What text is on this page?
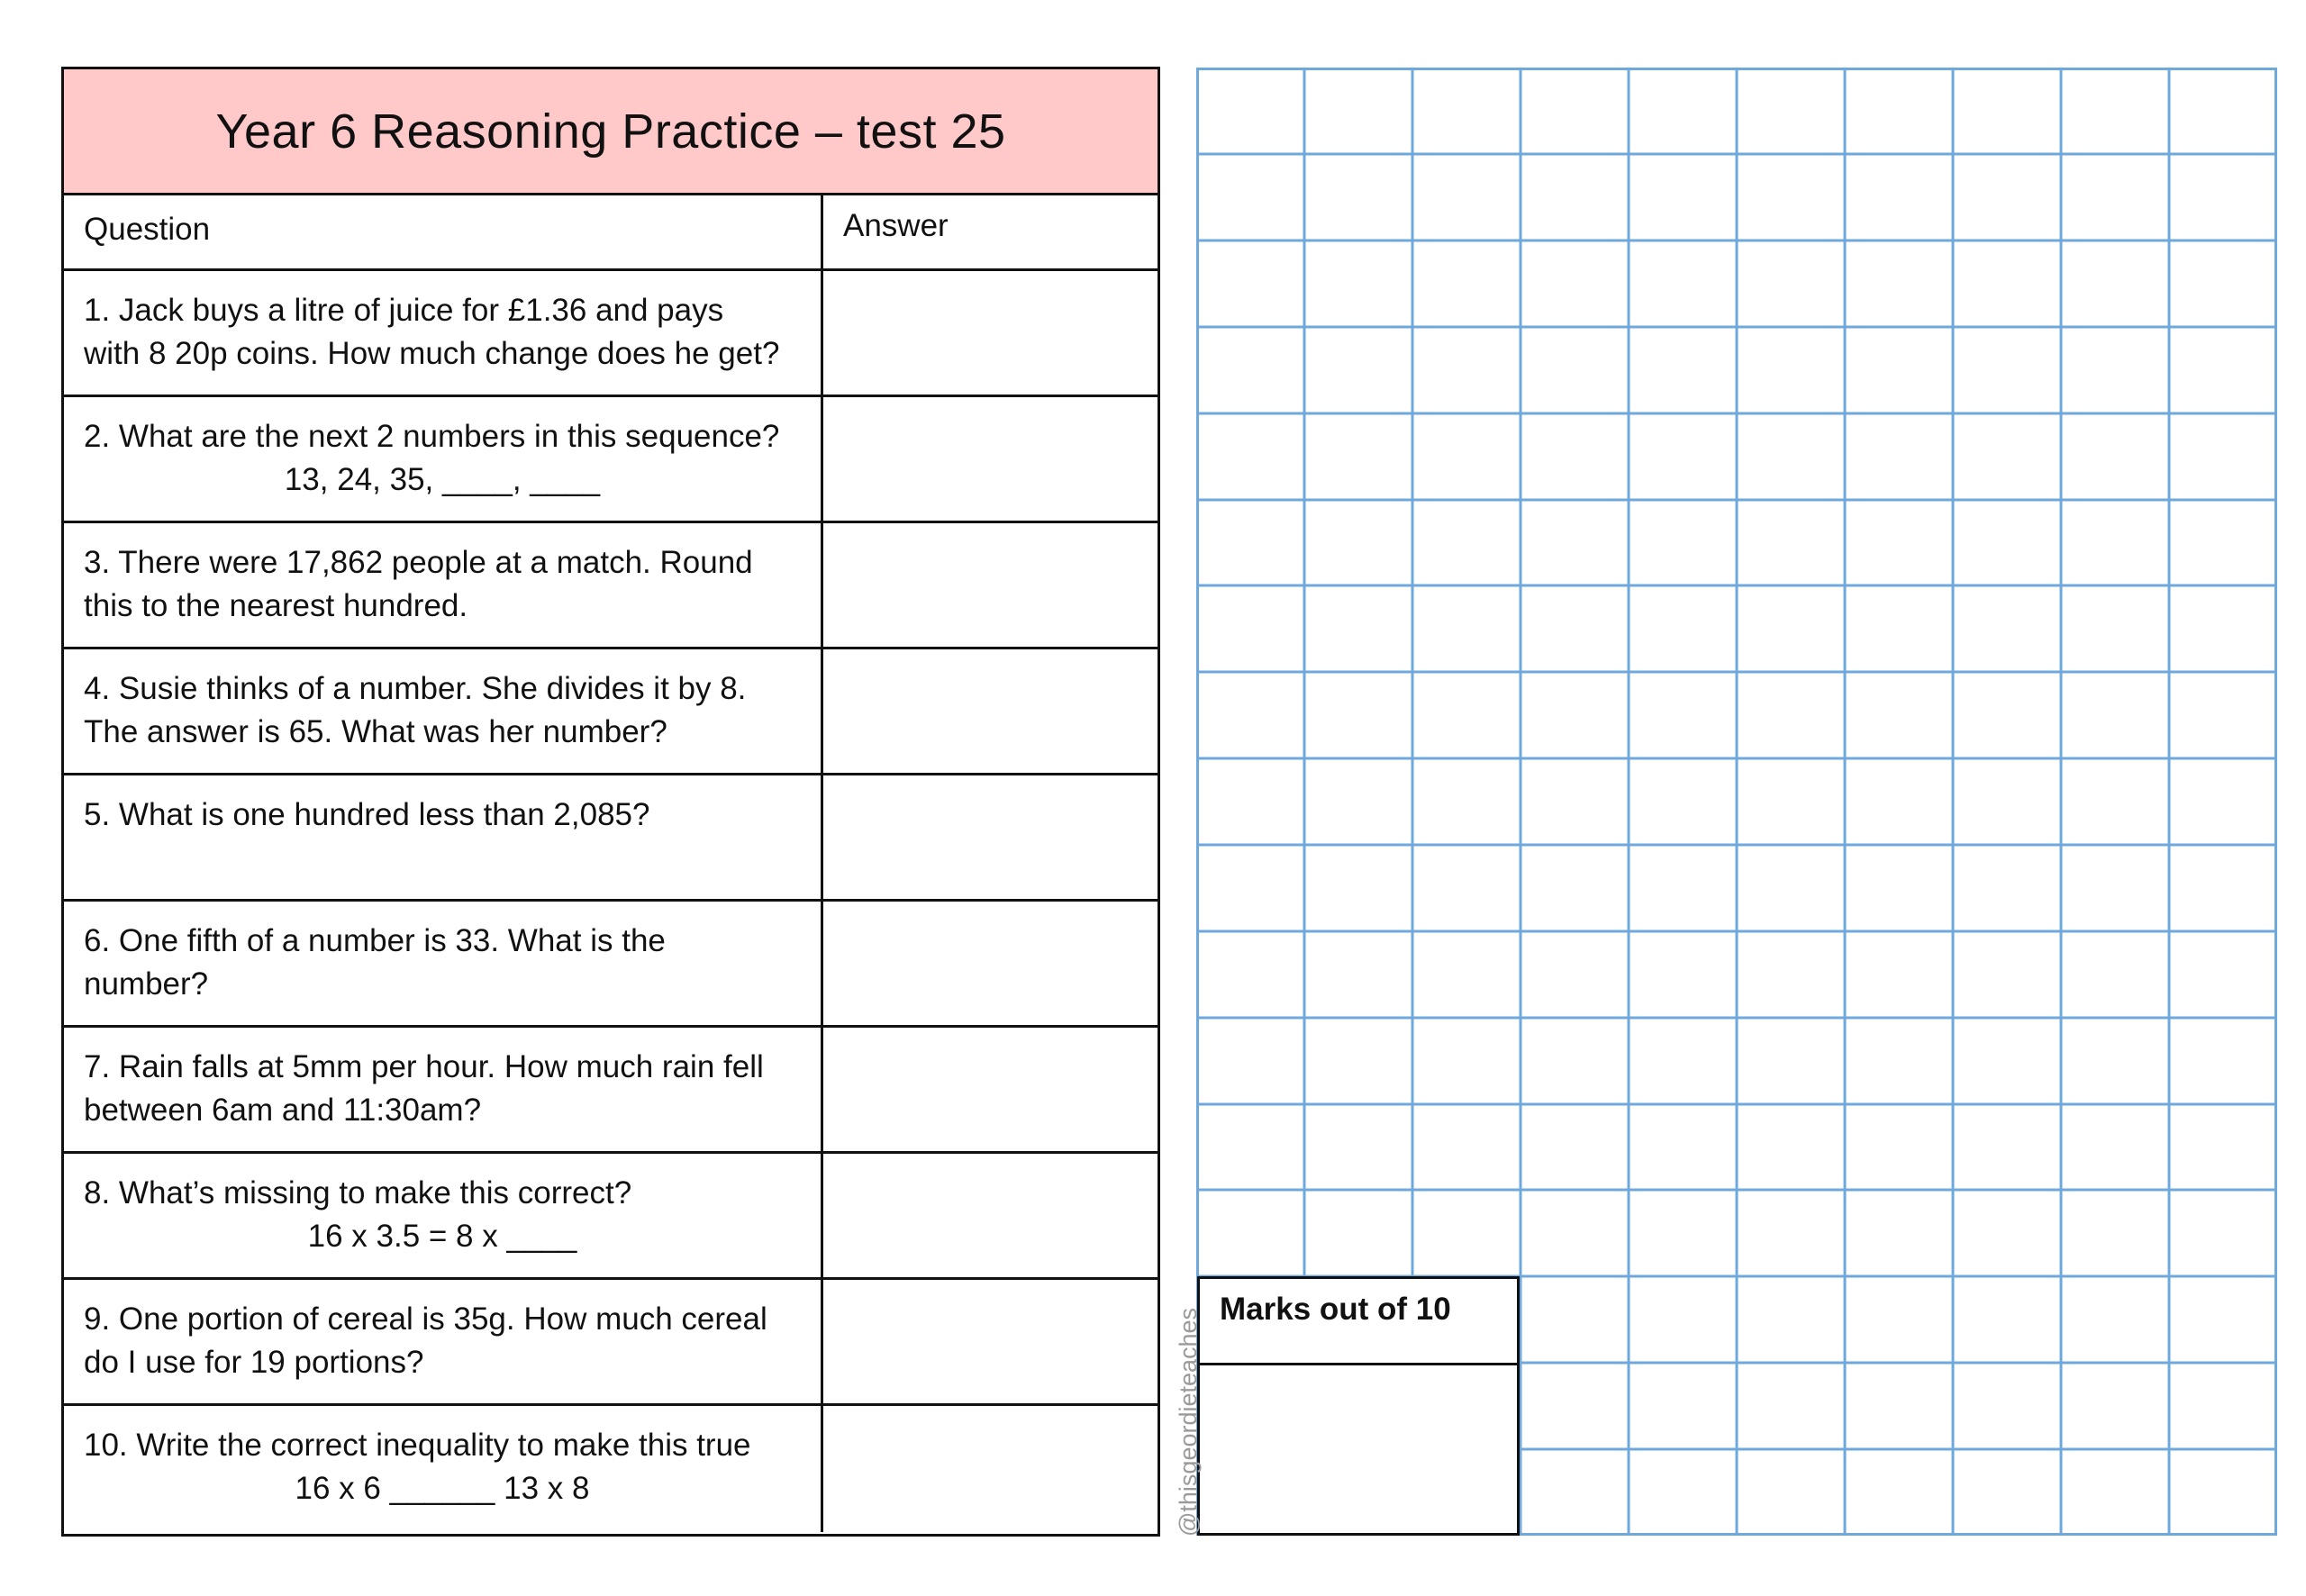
Year 6 Reasoning Practice – test 25
Question	Answer
1. Jack buys a litre of juice for £1.36 and pays
with 8 20p coins. How much change does he get?
2. What are the next 2 numbers in this sequence?
13, 24, 35, ____, ____
3. There were 17,862 people at a match. Round
this to the nearest hundred.
4. Susie thinks of a number. She divides it by 8.
The answer is 65. What was her number?
5. What is one hundred less than 2,085?

6. One fifth of a number is 33. What is the
number?
7. Rain falls at 5mm per hour. How much rain fell
between 6am and 11:30am?
8. What’s missing to make this correct?
16 x 3.5 = 8 x ____
9. One portion of cereal is 35g. How much cereal
do I use for 19 portions?
10. Write the correct inequality to make this true
16 x 6 ______ 13 x 8
Marks out of 10
@thisgeordieteaches
